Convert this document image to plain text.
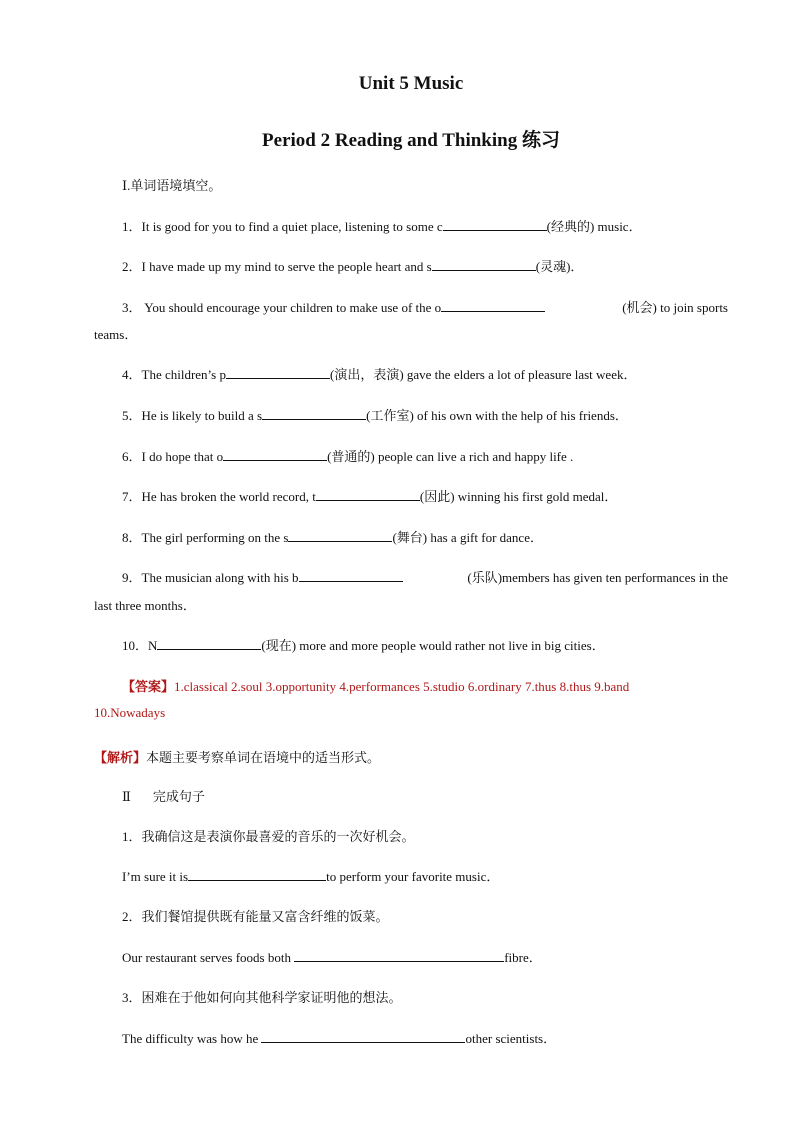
Unit 5 Music
Period 2 Reading and Thinking 练习
Ⅰ.单词语境填空。
1．It is good for you to find a quiet place, listening to some c	(经典的) music．
2．I have made up my mind to serve the people heart and s	(灵魂)．
3． You should encourage your children to make use of the o	(机会) to join sports
teams．
4．The children’s p	(演出，表演) gave the elders a lot of pleasure last week．
5．He is likely to build a s	(工作室) of his own with the help of his friends．
6．I do hope that o	(普通的) people can live a rich and happy life .
7．He has broken the world record, t	(因此) winning his first gold medal．
8．The girl performing on the s	(舞台) has a gift for dance．
9．The musician along with his b	(乐队)members has given ten performances in the
last three months．
10．N	(现在) more and more people would rather not live in big cities．
【答案】1.classical 2.soul 3.opportunity 4.performances 5.studio 6.ordinary 7.thus 8.thus 9.band
10.Nowadays
【解析】本题主要考察单词在语境中的适当形式。
Ⅱ 完成句子
1．我确信这是表演你最喜爱的音乐的一次好机会。
I’m sure it is	to perform your favorite music．
2．我们餐馆提供既有能量又富含纤维的饭菜。
Our restaurant serves foods both	fibre．
3．困难在于他如何向其他科学家证明他的想法。
The difficulty was how he	other scientists．
